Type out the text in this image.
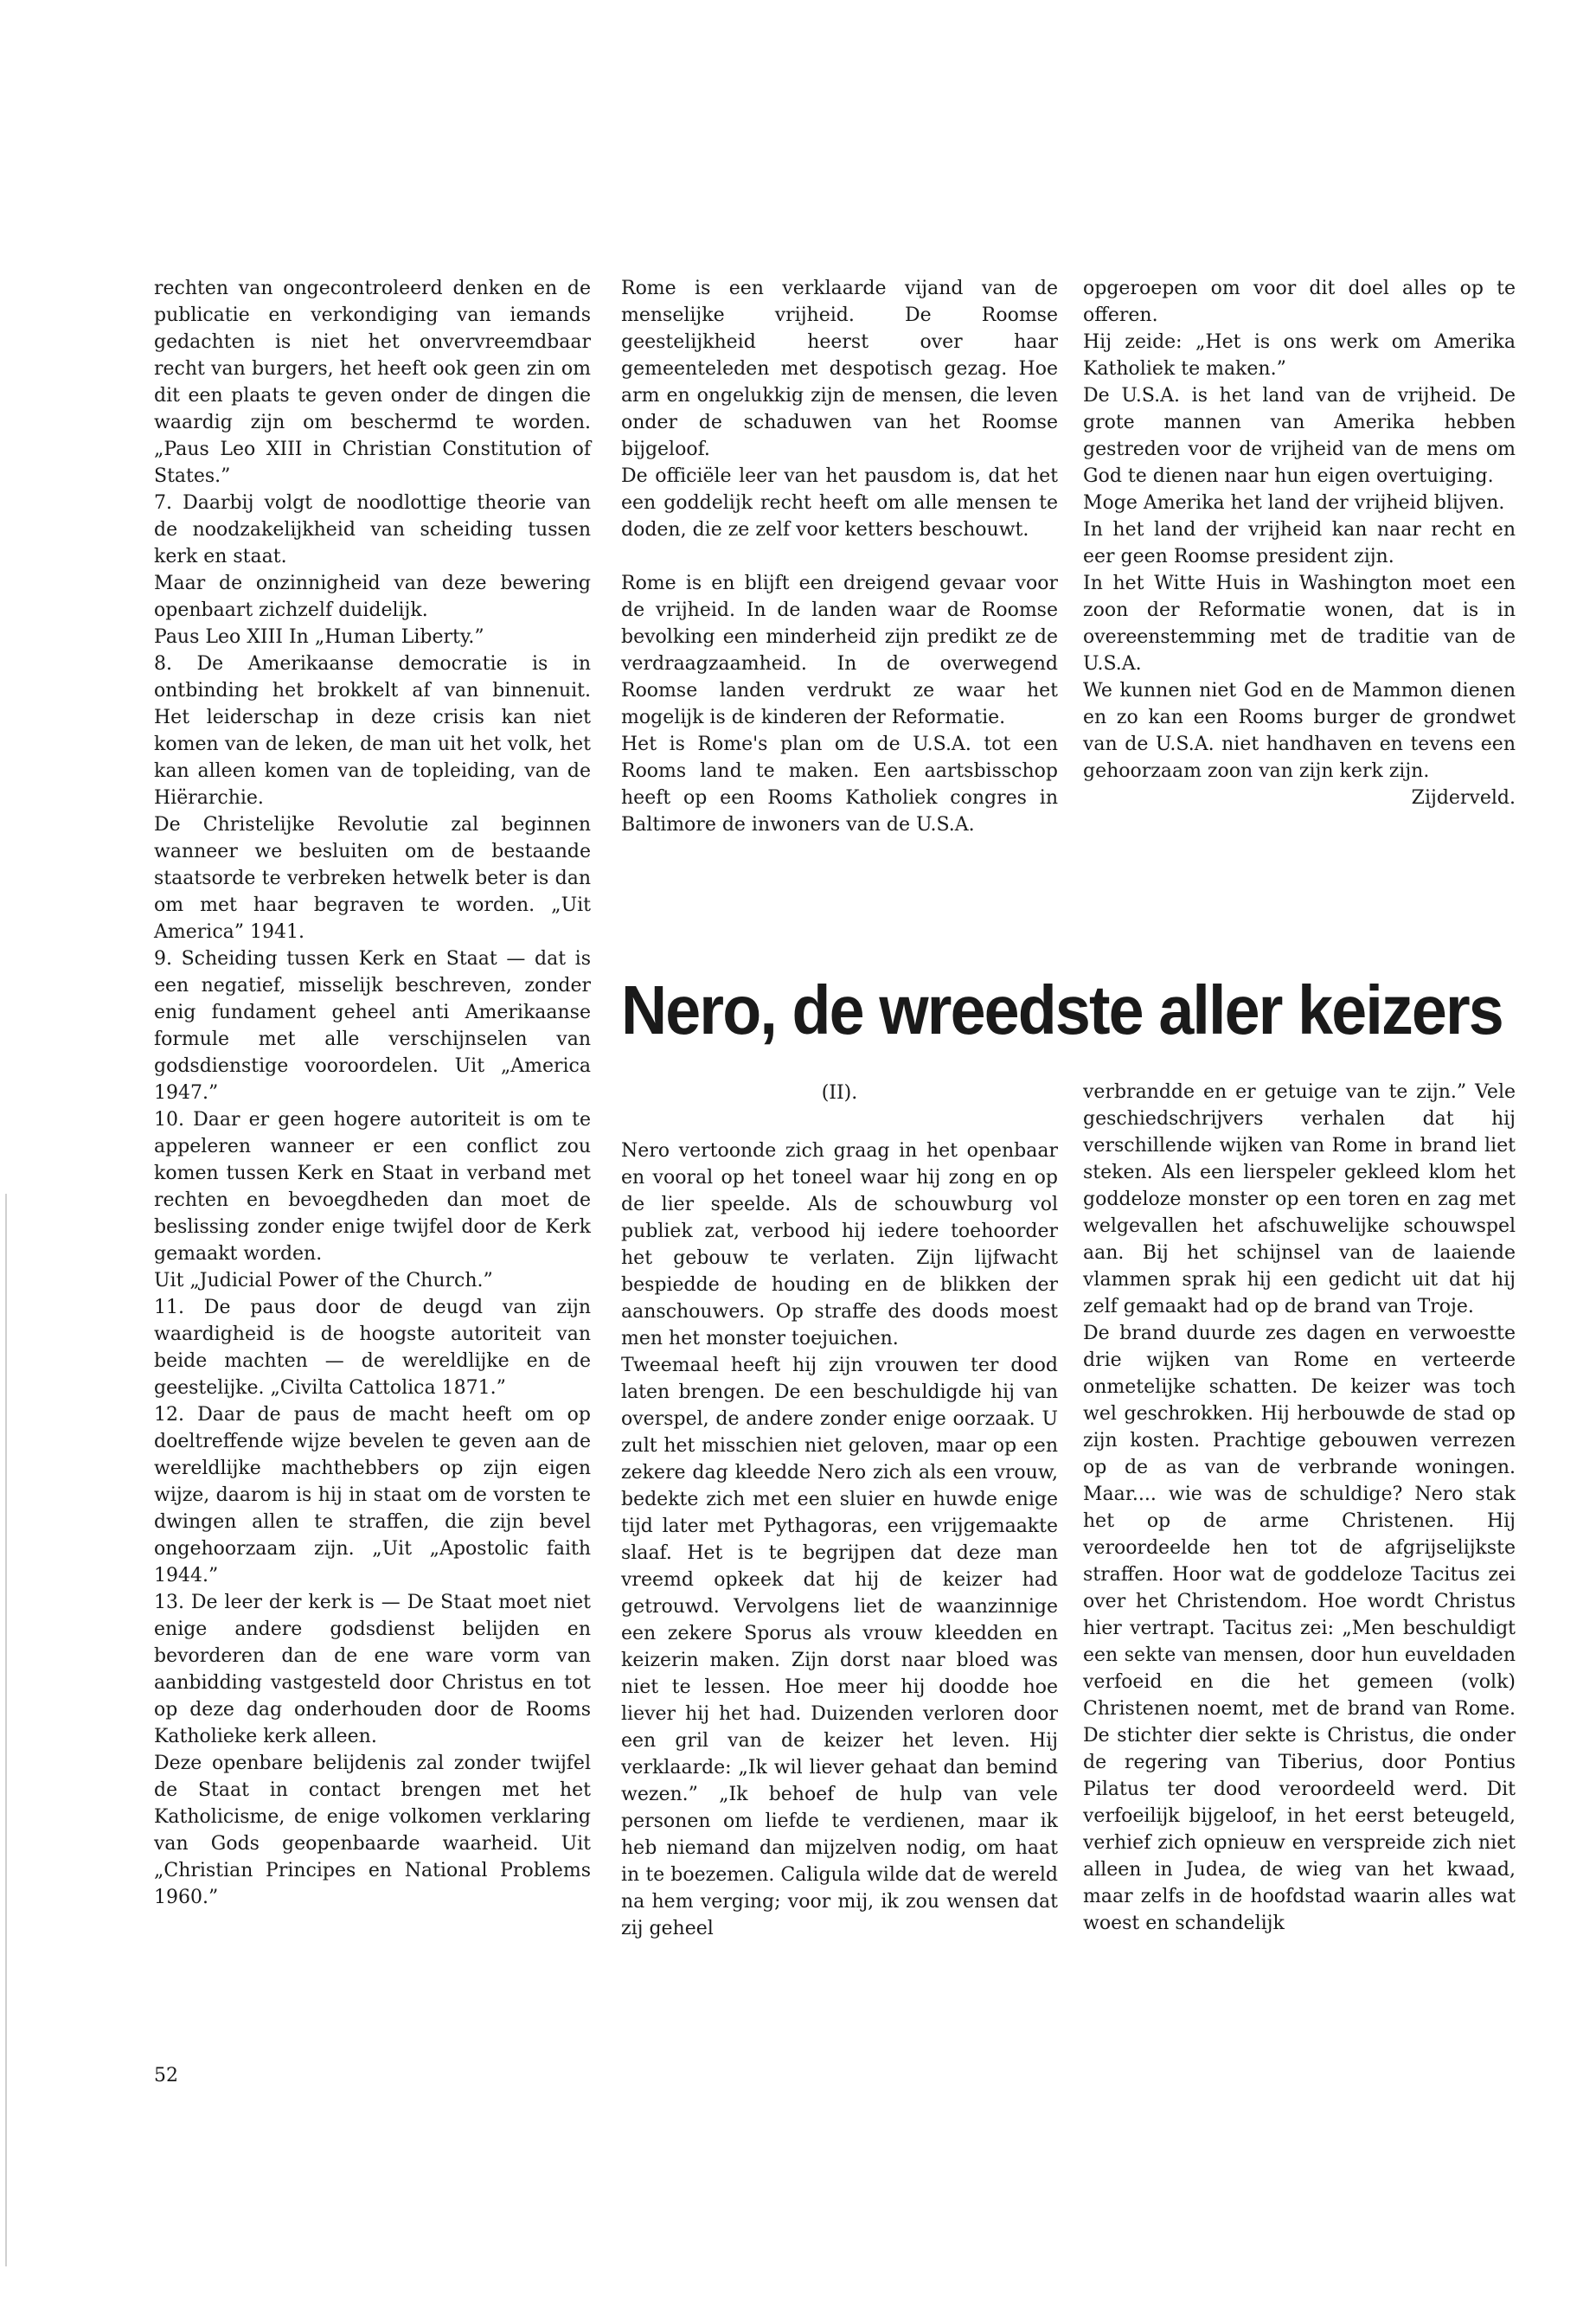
rechten van ongecontroleerd denken en de publicatie en verkondiging van iemands gedachten is niet het onvervreemdbaar recht van burgers, het heeft ook geen zin om dit een plaats te geven onder de dingen die waardig zijn om beschermd te worden. „Paus Leo XIII in Christian Constitution of States.”

7. Daarbij volgt de noodlottige theorie van de noodzakelijkheid van scheiding tussen kerk en staat.

Maar de onzinnigheid van deze bewering openbaart zichzelf duidelijk.

Paus Leo XIII In „Human Liberty.”

8. De Amerikaanse democratie is in ontbinding het brokkelt af van binnenuit. Het leiderschap in deze crisis kan niet komen van de leken, de man uit het volk, het kan alleen komen van de topleiding, van de Hiërarchie.

De Christelijke Revolutie zal beginnen wanneer we besluiten om de bestaande staatsorde te verbreken hetwelk beter is dan om met haar begraven te worden. „Uit America” 1941.

9. Scheiding tussen Kerk en Staat — dat is een negatief, misselijk beschreven, zonder enig fundament geheel anti Amerikaanse formule met alle verschijnselen van godsdienstige vooroordelen. Uit „America 1947.”

10. Daar er geen hogere autoriteit is om te appeleren wanneer er een conflict zou komen tussen Kerk en Staat in verband met rechten en bevoegdheden dan moet de beslissing zonder enige twijfel door de Kerk gemaakt worden.

Uit „Judicial Power of the Church.”

11. De paus door de deugd van zijn waardigheid is de hoogste autoriteit van beide machten — de wereldlijke en de geestelijke. „Civilta Cattolica 1871.”

12. Daar de paus de macht heeft om op doeltreffende wijze bevelen te geven aan de wereldlijke machthebbers op zijn eigen wijze, daarom is hij in staat om de vorsten te dwingen allen te straffen, die zijn bevel ongehoorzaam zijn. „Uit „Apostolic faith 1944.”

13. De leer der kerk is — De Staat moet niet enige andere godsdienst belijden en bevorderen dan de ene ware vorm van aanbidding vastgesteld door Christus en tot op deze dag onderhouden door de Rooms Katholieke kerk alleen.

Deze openbare belijdenis zal zonder twijfel de Staat in contact brengen met het Katholicisme, de enige volkomen verklaring van Gods geopenbaarde waarheid. Uit „Christian Principes en National Problems 1960.”

Rome is een verklaarde vijand van de menselijke vrijheid. De Roomse geestelijkheid heerst over haar gemeenteleden met despotisch gezag. Hoe arm en ongelukkig zijn de mensen, die leven onder de schaduwen van het Roomse bijgeloof.

De officiële leer van het pausdom is, dat het een goddelijk recht heeft om alle mensen te doden, die ze zelf voor ketters beschouwt.

Rome is en blijft een dreigend gevaar voor de vrijheid. In de landen waar de Roomse bevolking een minderheid zijn predikt ze de verdraagzaamheid. In de overwegend Roomse landen verdrukt ze waar het mogelijk is de kinderen der Reformatie.

Het is Rome's plan om de U.S.A. tot een Rooms land te maken. Een aartsbisschop heeft op een Rooms Katholiek congres in Baltimore de inwoners van de U.S.A.

opgeroepen om voor dit doel alles op te offeren.

Hij zeide: „Het is ons werk om Amerika Katholiek te maken.”

De U.S.A. is het land van de vrijheid. De grote mannen van Amerika hebben gestreden voor de vrijheid van de mens om God te dienen naar hun eigen overtuiging.

Moge Amerika het land der vrijheid blijven.

In het land der vrijheid kan naar recht en eer geen Roomse president zijn.

In het Witte Huis in Washington moet een zoon der Reformatie wonen, dat is in overeenstemming met de traditie van de U.S.A.

We kunnen niet God en de Mammon dienen en zo kan een Rooms burger de grondwet van de U.S.A. niet handhaven en tevens een gehoorzaam zoon van zijn kerk zijn.

Zijderveld.

Nero, de wreedste aller keizers
(II).

Nero vertoonde zich graag in het openbaar en vooral op het toneel waar hij zong en op de lier speelde. Als de schouwburg vol publiek zat, verbood hij iedere toehoorder het gebouw te verlaten. Zijn lijfwacht bespiedde de houding en de blikken der aanschouwers. Op straffe des doods moest men het monster toejuichen.

Tweemaal heeft hij zijn vrouwen ter dood laten brengen. De een beschuldigde hij van overspel, de andere zonder enige oorzaak. U zult het misschien niet geloven, maar op een zekere dag kleedde Nero zich als een vrouw, bedekte zich met een sluier en huwde enige tijd later met Pythagoras, een vrijgemaakte slaaf. Het is te begrijpen dat deze man vreemd opkeek dat hij de keizer had getrouwd. Vervolgens liet de waanzinnige een zekere Sporus als vrouw kleedden en keizerin maken. Zijn dorst naar bloed was niet te lessen. Hoe meer hij doodde hoe liever hij het had. Duizenden verloren door een gril van de keizer het leven. Hij verklaarde: „Ik wil liever gehaat dan bemind wezen.” „Ik behoef de hulp van vele personen om liefde te verdienen, maar ik heb niemand dan mijzelven nodig, om haat in te boezemen. Caligula wilde dat de wereld na hem verging; voor mij, ik zou wensen dat zij geheel

verbrandde en er getuige van te zijn.” Vele geschiedschrijvers verhalen dat hij verschillende wijken van Rome in brand liet steken. Als een lierspeler gekleed klom het goddeloze monster op een toren en zag met welgevallen het afschuwelijke schouwspel aan. Bij het schijnsel van de laaiende vlammen sprak hij een gedicht uit dat hij zelf gemaakt had op de brand van Troje.

De brand duurde zes dagen en verwoestte drie wijken van Rome en verteerde onmetelijke schatten. De keizer was toch wel geschrokken. Hij herbouwde de stad op zijn kosten. Prachtige gebouwen verrezen op de as van de verbrande woningen. Maar.... wie was de schuldige? Nero stak het op de arme Christenen. Hij veroordeelde hen tot de afgrijselijkste straffen. Hoor wat de goddeloze Tacitus zei over het Christendom. Hoe wordt Christus hier vertrapt. Tacitus zei: „Men beschuldigt een sekte van mensen, door hun euveldaden verfoeid en die het gemeen (volk) Christenen noemt, met de brand van Rome. De stichter dier sekte is Christus, die onder de regering van Tiberius, door Pontius Pilatus ter dood veroordeeld werd. Dit verfoeilijk bijgeloof, in het eerst beteugeld, verhief zich opnieuw en verspreide zich niet alleen in Judea, de wieg van het kwaad, maar zelfs in de hoofdstad waarin alles wat woest en schandelijk

52
